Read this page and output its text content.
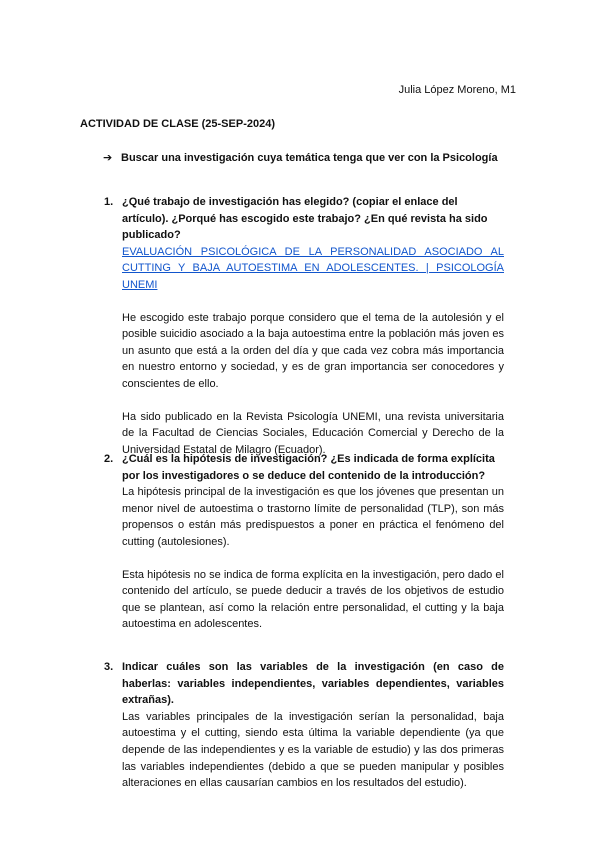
Julia López Moreno, M1
ACTIVIDAD DE CLASE (25-SEP-2024)
➔ Buscar una investigación cuya temática tenga que ver con la Psicología
1. ¿Qué trabajo de investigación has elegido? (copiar el enlace del artículo). ¿Porqué has escogido este trabajo? ¿En qué revista ha sido publicado?

EVALUACIÓN PSICOLÓGICA DE LA PERSONALIDAD ASOCIADO AL CUTTING Y BAJA AUTOESTIMA EN ADOLESCENTES. | PSICOLOGÍA UNEMI

He escogido este trabajo porque considero que el tema de la autolesión y el posible suicidio asociado a la baja autoestima entre la población más joven es un asunto que está a la orden del día y que cada vez cobra más importancia en nuestro entorno y sociedad, y es de gran importancia ser conocedores y conscientes de ello.

Ha sido publicado en la Revista Psicología UNEMI, una revista universitaria de la Facultad de Ciencias Sociales, Educación Comercial y Derecho de la Universidad Estatal de Milagro (Ecuador).

2. ¿Cuál es la hipótesis de investigación? ¿Es indicada de forma explícita por los investigadores o se deduce del contenido de la introducción?

La hipótesis principal de la investigación es que los jóvenes que presentan un menor nivel de autoestima o trastorno límite de personalidad (TLP), son más propensos o están más predispuestos a poner en práctica el fenómeno del cutting (autolesiones).

Esta hipótesis no se indica de forma explícita en la investigación, pero dado el contenido del artículo, se puede deducir a través de los objetivos de estudio que se plantean, así como la relación entre personalidad, el cutting y la baja autoestima en adolescentes.

3. Indicar cuáles son las variables de la investigación (en caso de haberlas: variables independientes, variables dependientes, variables extrañas).

Las variables principales de la investigación serían la personalidad, baja autoestima y el cutting, siendo esta última la variable dependiente (ya que depende de las independientes y es la variable de estudio) y las dos primeras las variables independientes (debido a que se pueden manipular y posibles alteraciones en ellas causarían cambios en los resultados del estudio).
